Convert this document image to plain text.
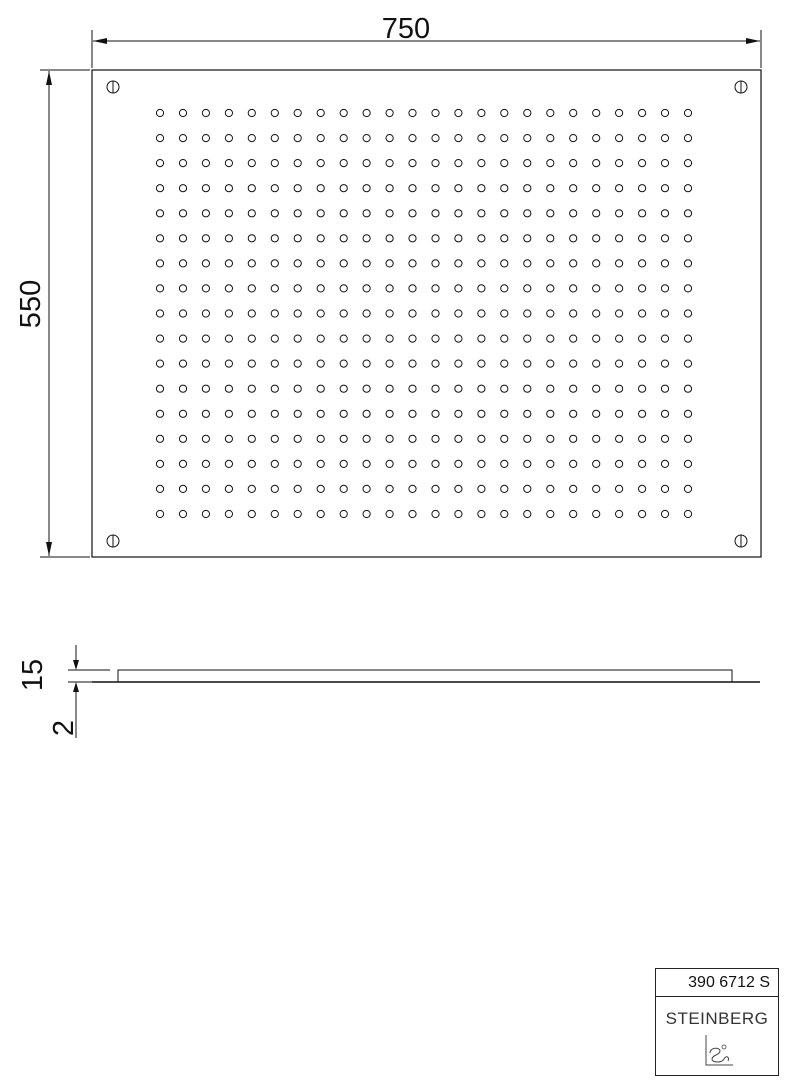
750
550
15
2
390 6712 S
STEINBERG
